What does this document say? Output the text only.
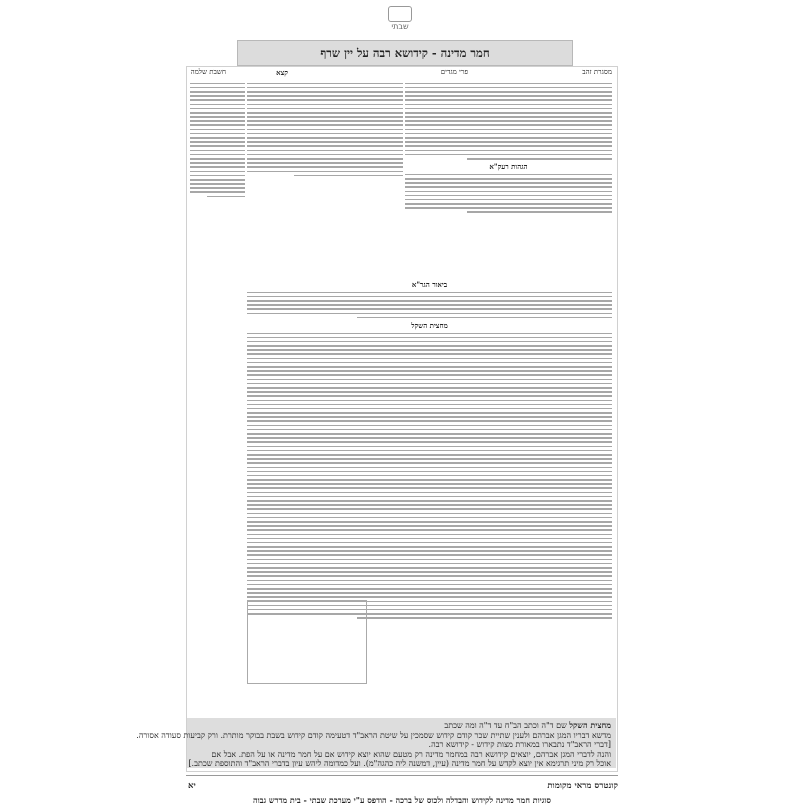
שבתי
חמר מדינה - קידושא רבה על יין שרף
מסגרת זהב
פרי מגדים
קצא
חשבת שלמה
הגהות רעק"א
ביאור הגר"א
מחצית השקל
מחצית השקל שם ד"ה וכתב הב"ח עד ד"ה ומה שכתב
מדשא דבריו המגן אברהם ולענין שתיית שכר קודם קידוש שסמכין על שיטת הראב"ד דטעימה קודם קידוש בשבת בבוקר מותרת. ורק קביעות סעודה אסורה.
[דברי הראב"ד נתבארו במאורת מצות קידוש - קידושא רבה.
והנה לדברי המגן אברהם, יוצאים קידושא רבה במחמר מדינה רק מטעם שהוא יוצא קידוש אם על חמר מדינה או על הפת. אבל אם
אוכל רק מיני תרגימא אין יוצא לקדש על חמר מדינה (עיין, דמשנה ליה כהגה"מ). ועל כמדומה ליהש עיון בדברי הראב"ד והתוספת שכתב.]
קונטרס מראי מקומות
יא
סוגיות חמר מדינה לקידוש והבדלה ולכוס של ברכה - הודפס ע"י מערכת שבתי - בית מדרש גבוה
